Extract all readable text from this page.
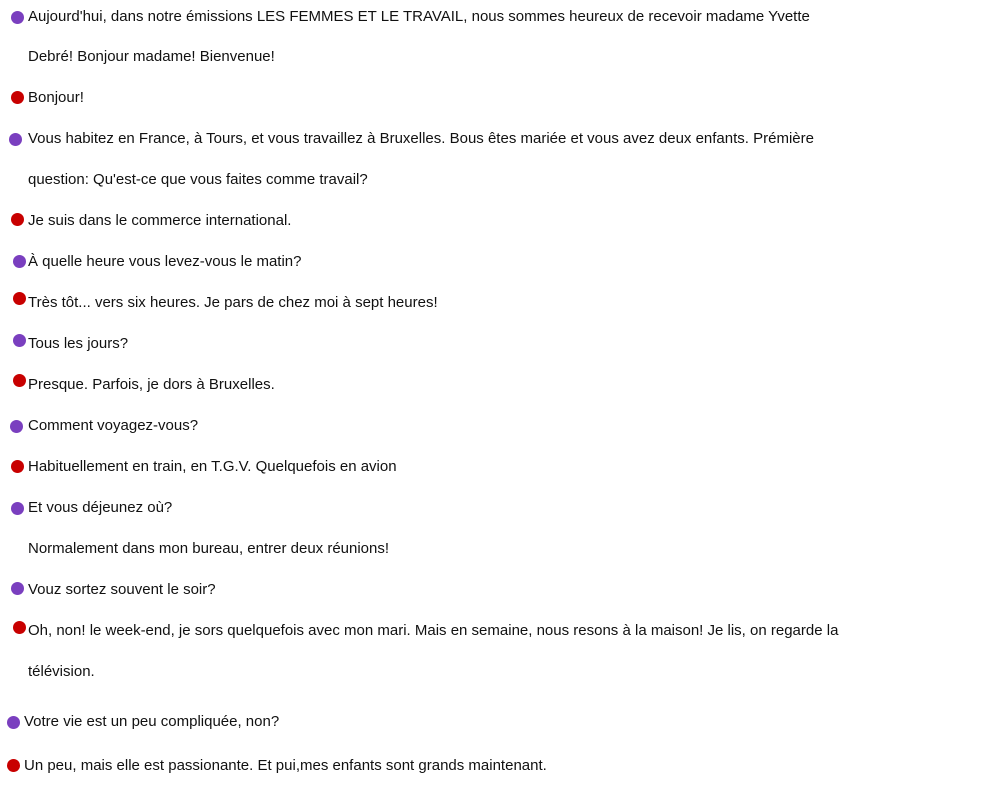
Aujourd'hui, dans notre émissions LES FEMMES ET LE TRAVAIL, nous sommes heureux de recevoir madame Yvette
Debré! Bonjour madame! Bienvenue!
Bonjour!
Vous habitez en France, à Tours, et vous travaillez à Bruxelles. Bous êtes mariée et vous avez deux enfants. Prémière
question: Qu'est-ce que vous faites comme travail?
Je suis dans le commerce international.
À quelle heure vous levez-vous le matin?
Très tôt... vers six heures. Je pars de chez moi à sept heures!
Tous les jours?
Presque. Parfois, je dors à Bruxelles.
Comment voyagez-vous?
Habituellement en train, en T.G.V. Quelquefois en avion
Et vous déjeunez où?
Normalement dans mon bureau, entrer deux réunions!
Vouz sortez souvent le soir?
Oh, non! le week-end, je sors quelquefois avec mon mari. Mais en semaine, nous resons à la maison! Je lis, on regarde la
télévision.
Votre vie est un peu compliquée, non?
Un peu, mais elle est passionante. Et pui,mes enfants sont grands maintenant.
